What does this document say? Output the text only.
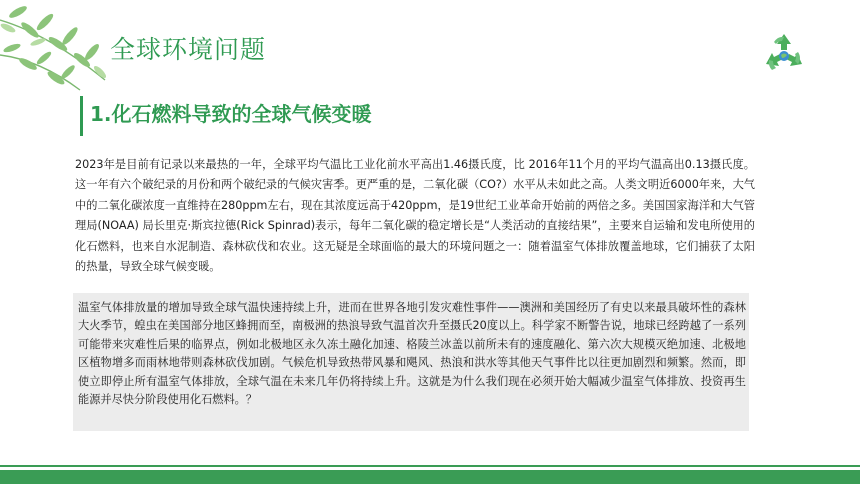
全球环境问题
1.化石燃料导致的全球气候变暖

2023年是目前有记录以来最热的一年，全球平均气温比工业化前水平高出1.46摄氏度，比 2016年11个月的平均气温高出0.13摄氏度。这一年有六个破纪录的月份和两个破纪录的气候灾害季。更严重的是，二氧化碳（CO?）水平从未如此之高。人类文明近6000年来，大气中的二氧化碳浓度一直维持在280ppm左右，现在其浓度远高于420ppm，是19世纪工业革命开始前的两倍之多。美国国家海洋和大气管理局(NOAA) 局长里克·斯宾拉德(Rick Spinrad)表示，每年二氧化碳的稳定增长是“人类活动的直接结果”，主要来自运输和发电所使用的化石燃料，也来自水泥制造、森林砍伐和农业。这无疑是全球面临的最大的环境问题之一：随着温室气体排放覆盖地球，它们捕获了太阳的热量，导致全球气候变暖。

温室气体排放量的增加导致全球气温快速持续上升，进而在世界各地引发灾难性事件——澳洲和美国经历了有史以来最具破坏性的森林大火季节，蝗虫在美国部分地区蜂拥而至，南极洲的热浪导致气温首次升至摄氏20度以上。科学家不断警告说，地球已经跨越了一系列可能带来灾难性后果的临界点，例如北极地区永久冻土融化加速、格陵兰冰盖以前所未有的速度融化、第六次大规模灭绝加速、北极地区植物增多而雨林地带则森林砍伐加剧。气候危机导致热带风暴和飓风、热浪和洪水等其他天气事件比以往更加剧烈和频繁。然而，即使立即停止所有温室气体排放，全球气温在未来几年仍将持续上升。这就是为什么我们现在必须开始大幅减少温室气体排放、投资再生能源并尽快分阶段使用化石燃料。？
